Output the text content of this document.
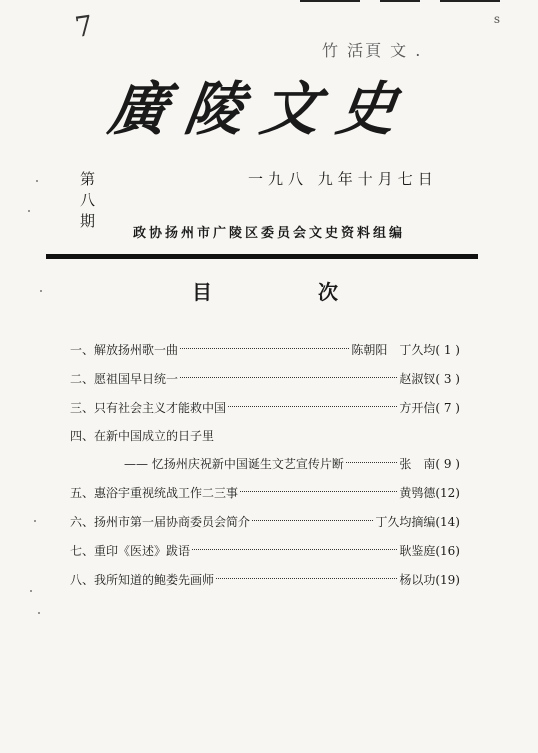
7
竹 活頁 文 .
s
廣陵文史
第八期
一九八 九年十月七日
政协扬州市广陵区委员会文史资料组编
目	次
一、解放扬州歌一曲	陈朝阳　丁久均( 1 )
二、愿祖国早日统一	赵淑钗( 3 )
三、只有社会主义才能救中国	方开信( 7 )
四、在新中国成立的日子里
—— 忆扬州庆祝新中国诞生文艺宣传片断	张　南( 9 )
五、惠浴宇重视统战工作二三事	黄鸮德(12)
六、扬州市第一届协商委员会简介	丁久均摘编(14)
七、重印《医述》跋语	耿鉴庭(16)
八、我所知道的鲍娄先画师	杨以功(19)
